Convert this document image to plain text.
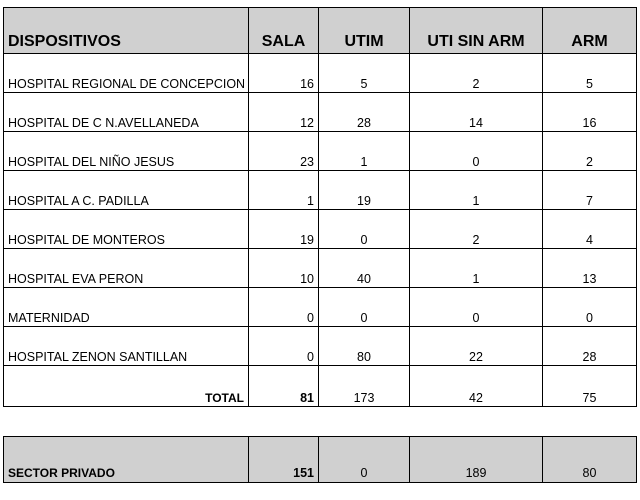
DISPOSITIVOS	SALA	UTIM	UTI SIN ARM	ARM
HOSPITAL REGIONAL DE CONCEPCION	16	5	2	5
HOSPITAL DE C N.AVELLANEDA	12	28	14	16
HOSPITAL DEL NIÑO JESUS	23	1	0	2
HOSPITAL A C. PADILLA	1	19	1	7
HOSPITAL DE MONTEROS	19	0	2	4
HOSPITAL EVA PERON	10	40	1	13
MATERNIDAD	0	0	0	0
HOSPITAL ZENON SANTILLAN	0	80	22	28
TOTAL	81	173	42	75
SECTOR PRIVADO	151	0	189	80
